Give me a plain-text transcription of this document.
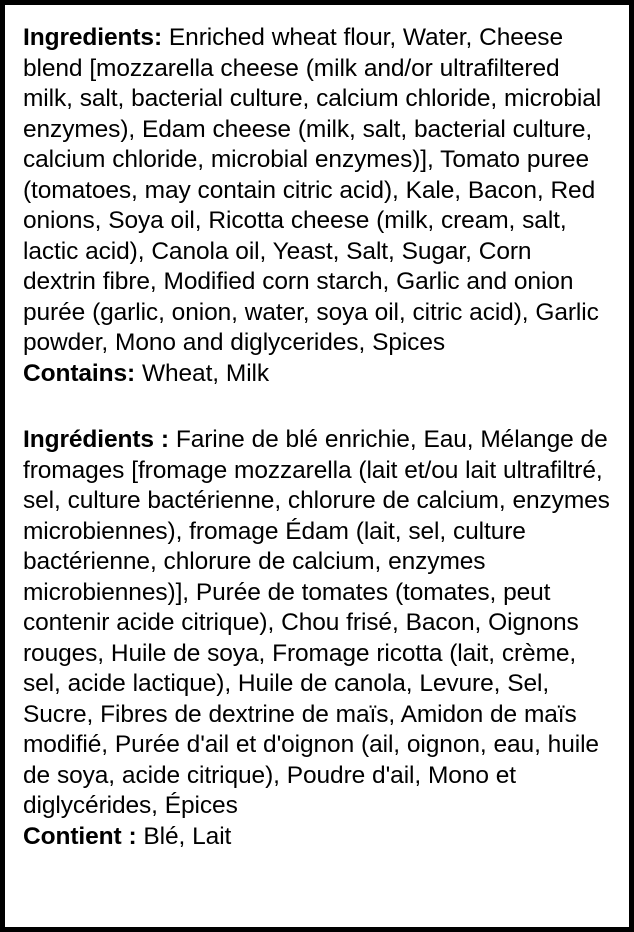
Ingredients: Enriched wheat flour, Water, Cheese blend [mozzarella cheese (milk and/or ultrafiltered milk, salt, bacterial culture, calcium chloride, microbial enzymes), Edam cheese (milk, salt, bacterial culture, calcium chloride, microbial enzymes)], Tomato puree (tomatoes, may contain citric acid), Kale, Bacon, Red onions, Soya oil, Ricotta cheese (milk, cream, salt, lactic acid), Canola oil, Yeast, Salt, Sugar, Corn dextrin fibre, Modified corn starch, Garlic and onion purée (garlic, onion, water, soya oil, citric acid), Garlic powder, Mono and diglycerides, Spices

Contains: Wheat, Milk

Ingrédients : Farine de blé enrichie, Eau, Mélange de fromages [fromage mozzarella (lait et/ou lait ultrafiltré, sel, culture bactérienne, chlorure de calcium, enzymes microbiennes), fromage Édam (lait, sel, culture bactérienne, chlorure de calcium, enzymes microbiennes)], Purée de tomates (tomates, peut contenir acide citrique), Chou frisé, Bacon, Oignons rouges, Huile de soya, Fromage ricotta (lait, crème, sel, acide lactique), Huile de canola, Levure, Sel, Sucre, Fibres de dextrine de maïs, Amidon de maïs modifié, Purée d'ail et d'oignon (ail, oignon, eau, huile de soya, acide citrique), Poudre d'ail, Mono et diglycérides, Épices

Contient : Blé, Lait
